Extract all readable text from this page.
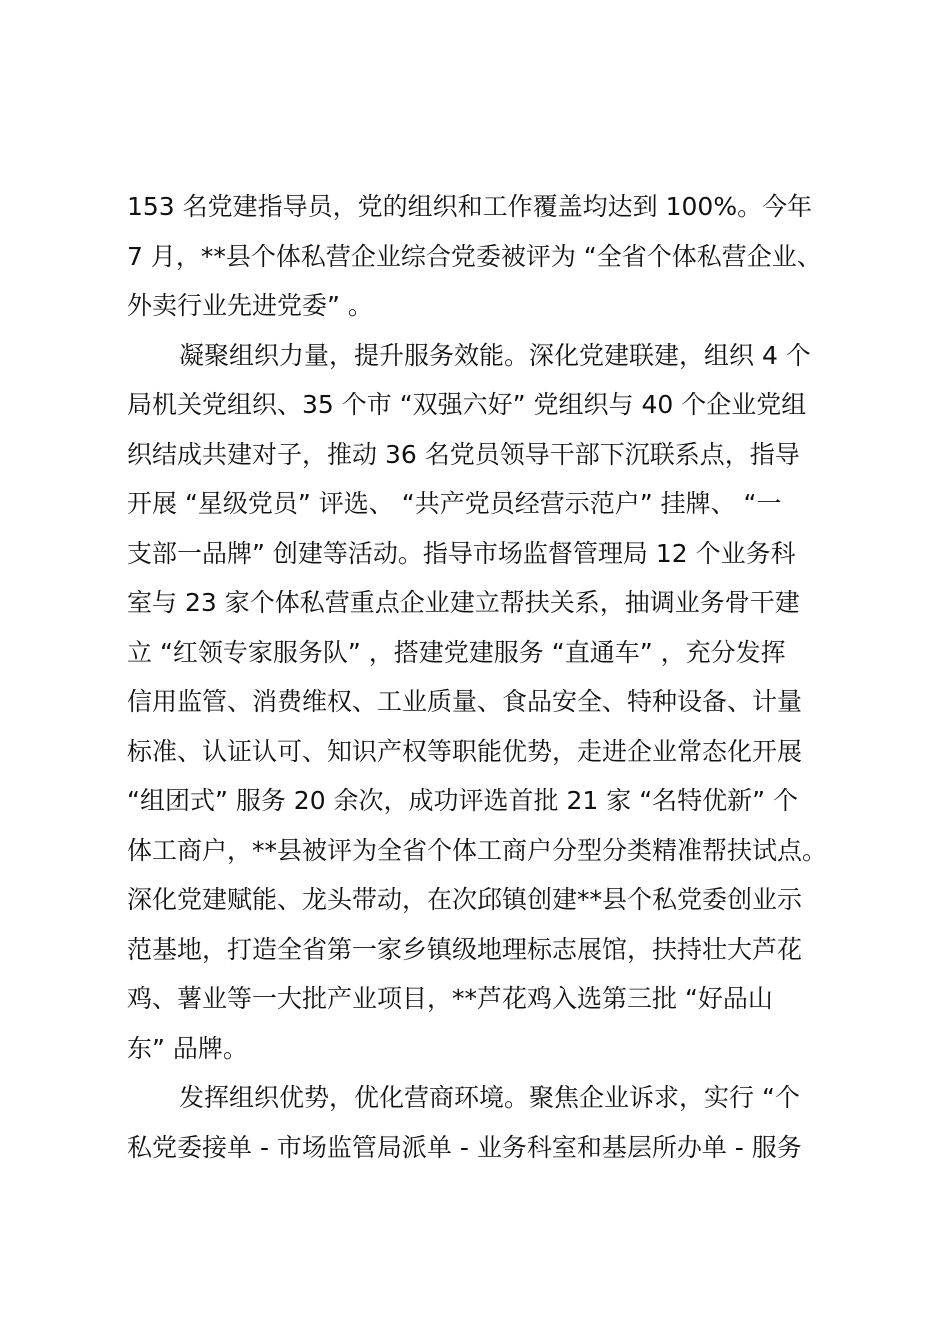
153 名党建指导员，党的组织和工作覆盖均达到 100%。今年

7 月，**县个体私营企业综合党委被评为 “全省个体私营企业、

外卖行业先进党委” 。

凝聚组织力量，提升服务效能。深化党建联建，组织 4 个

局机关党组织、35 个市 “双强六好” 党组织与 40 个企业党组

织结成共建对子，推动 36 名党员领导干部下沉联系点，指导

开展 “星级党员” 评选、 “共产党员经营示范户” 挂牌、 “一

支部一品牌” 创建等活动。指导市场监督管理局 12 个业务科

室与 23 家个体私营重点企业建立帮扶关系，抽调业务骨干建

立 “红领专家服务队” ，搭建党建服务 “直通车” ，充分发挥

信用监管、消费维权、工业质量、食品安全、特种设备、计量

标准、认证认可、知识产权等职能优势，走进企业常态化开展

“组团式” 服务 20 余次，成功评选首批 21 家 “名特优新” 个

体工商户，**县被评为全省个体工商户分型分类精准帮扶试点。

深化党建赋能、龙头带动，在次邱镇创建**县个私党委创业示

范基地，打造全省第一家乡镇级地理标志展馆，扶持壮大芦花

鸡、薯业等一大批产业项目，**芦花鸡入选第三批 “好品山

东” 品牌。

发挥组织优势，优化营商环境。聚焦企业诉求，实行 “个

私党委接单 - 市场监管局派单 - 业务科室和基层所办单 - 服务
